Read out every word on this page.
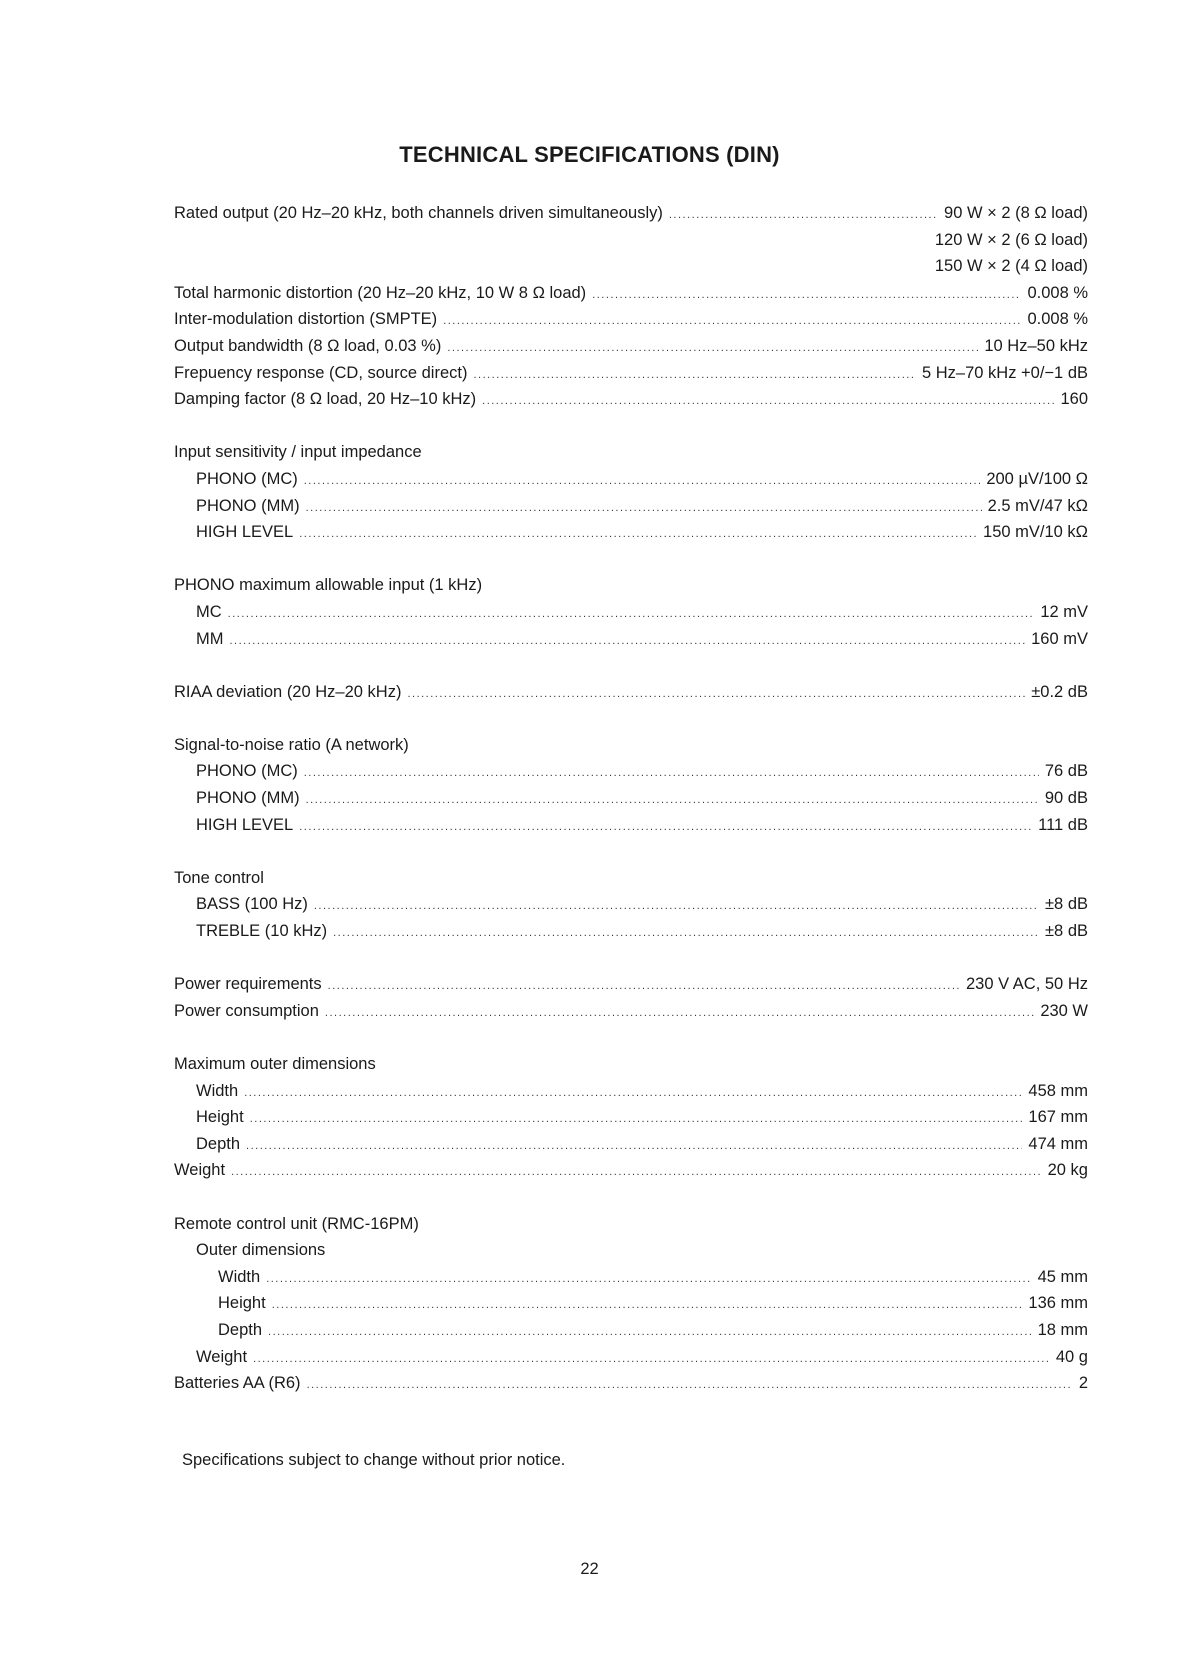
TECHNICAL SPECIFICATIONS (DIN)
Rated output (20 Hz–20 kHz, both channels driven simultaneously) .....	90 W × 2 (8 Ω load)
120 W × 2 (6 Ω load)
150 W × 2 (4 Ω load)
Total harmonic distortion (20 Hz–20 kHz, 10 W 8 Ω load) .....	0.008 %
Inter-modulation distortion (SMPTE) .....	0.008 %
Output bandwidth (8 Ω load, 0.03 %) .....	10 Hz–50 kHz
Frepuency response (CD, source direct) .....	5 Hz–70 kHz +0/−1 dB
Damping factor (8 Ω load, 20 Hz–10 kHz) .....	160
Input sensitivity / input impedance
PHONO (MC) .....	200 µV/100 Ω
PHONO (MM) .....	2.5 mV/47 kΩ
HIGH LEVEL .....	150 mV/10 kΩ
PHONO maximum allowable input (1 kHz)
MC .....	12 mV
MM .....	160 mV
RIAA deviation (20 Hz–20 kHz) .....	±0.2 dB
Signal-to-noise ratio (A network)
PHONO (MC) .....	76 dB
PHONO (MM) .....	90 dB
HIGH LEVEL .....	111 dB
Tone control
BASS (100 Hz) .....	±8 dB
TREBLE (10 kHz) .....	±8 dB
Power requirements .....	230 V AC, 50 Hz
Power consumption .....	230 W
Maximum outer dimensions
Width .....	458 mm
Height .....	167 mm
Depth .....	474 mm
Weight .....	20 kg
Remote control unit (RMC-16PM)
Outer dimensions
Width .....	45 mm
Height .....	136 mm
Depth .....	18 mm
Weight .....	40 g
Batteries AA (R6) .....	2
Specifications subject to change without prior notice.
22
